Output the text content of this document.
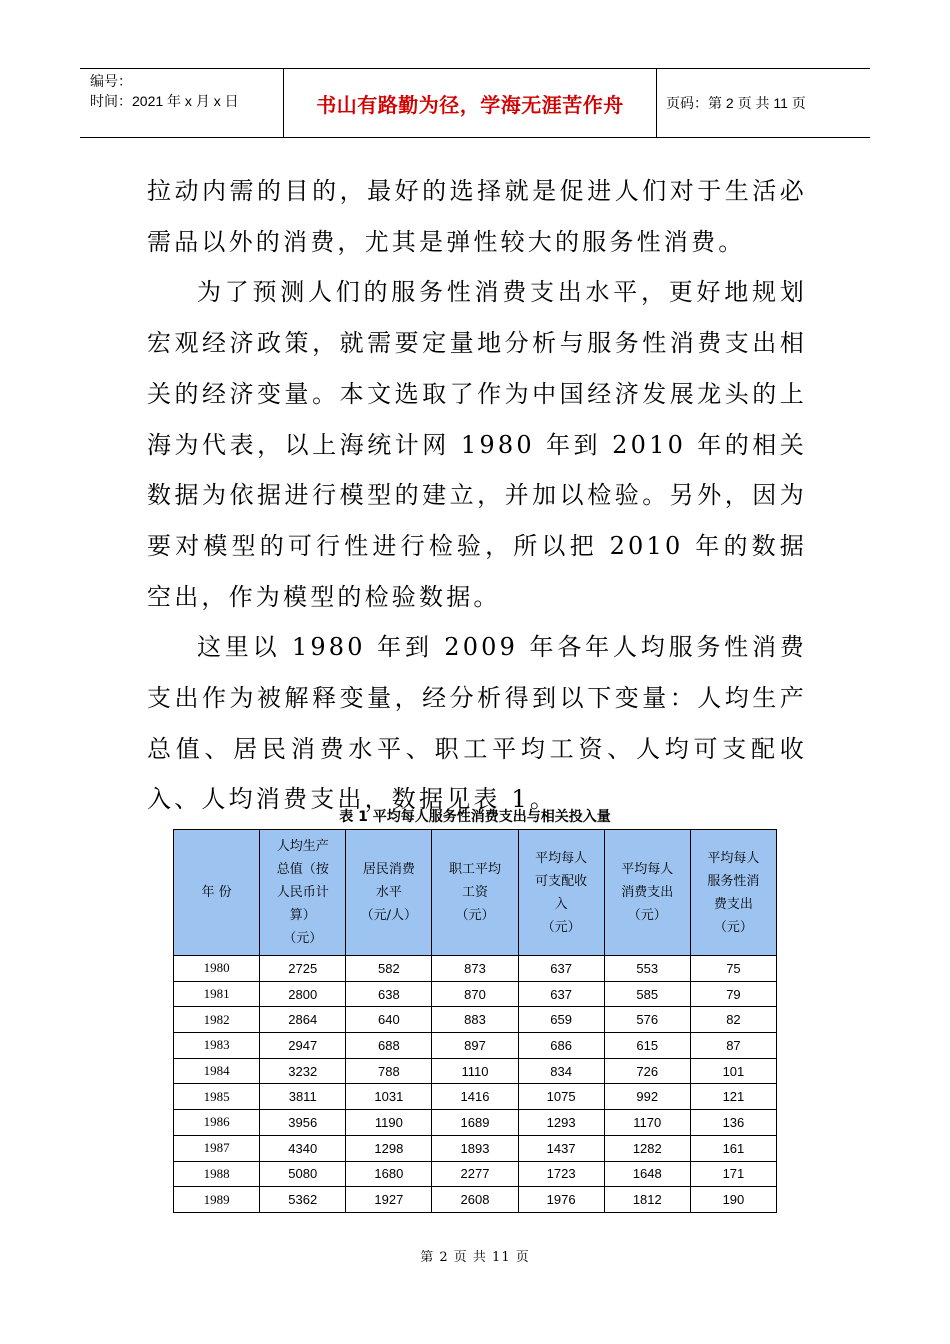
编号：
时间：2021 年 x 月 x 日	书山有路勤为径，学海无涯苦作舟	页码：第 2 页 共 11 页

拉动内需的目的，最好的选择就是促进人们对于生活必需品以外的消费，尤其是弹性较大的服务性消费。

为了预测人们的服务性消费支出水平，更好地规划宏观经济政策，就需要定量地分析与服务性消费支出相关的经济变量。本文选取了作为中国经济发展龙头的上海为代表，以上海统计网 1980 年到 2010 年的相关数据为依据进行模型的建立，并加以检验。另外，因为要对模型的可行性进行检验，所以把 2010 年的数据空出，作为模型的检验数据。

这里以 1980 年到 2009 年各年人均服务性消费支出作为被解释变量，经分析得到以下变量：人均生产总值、居民消费水平、职工平均工资、人均可支配收入、人均消费支出，数据见表 1。

表 1 平均每人服务性消费支出与相关投入量
年 份	人均生产
总值（按
人民币计
算）
（元）	居民消费
水平
（元/人）	职工平均
工资
（元）	平均每人
可支配收
入
（元）	平均每人
消费支出
（元）	平均每人
服务性消
费支出
（元）
1980	2725	582	873	637	553	75
1981	2800	638	870	637	585	79
1982	2864	640	883	659	576	82
1983	2947	688	897	686	615	87
1984	3232	788	1110	834	726	101
1985	3811	1031	1416	1075	992	121
1986	3956	1190	1689	1293	1170	136
1987	4340	1298	1893	1437	1282	161
1988	5080	1680	2277	1723	1648	171
1989	5362	1927	2608	1976	1812	190
第 2 页 共 11 页
